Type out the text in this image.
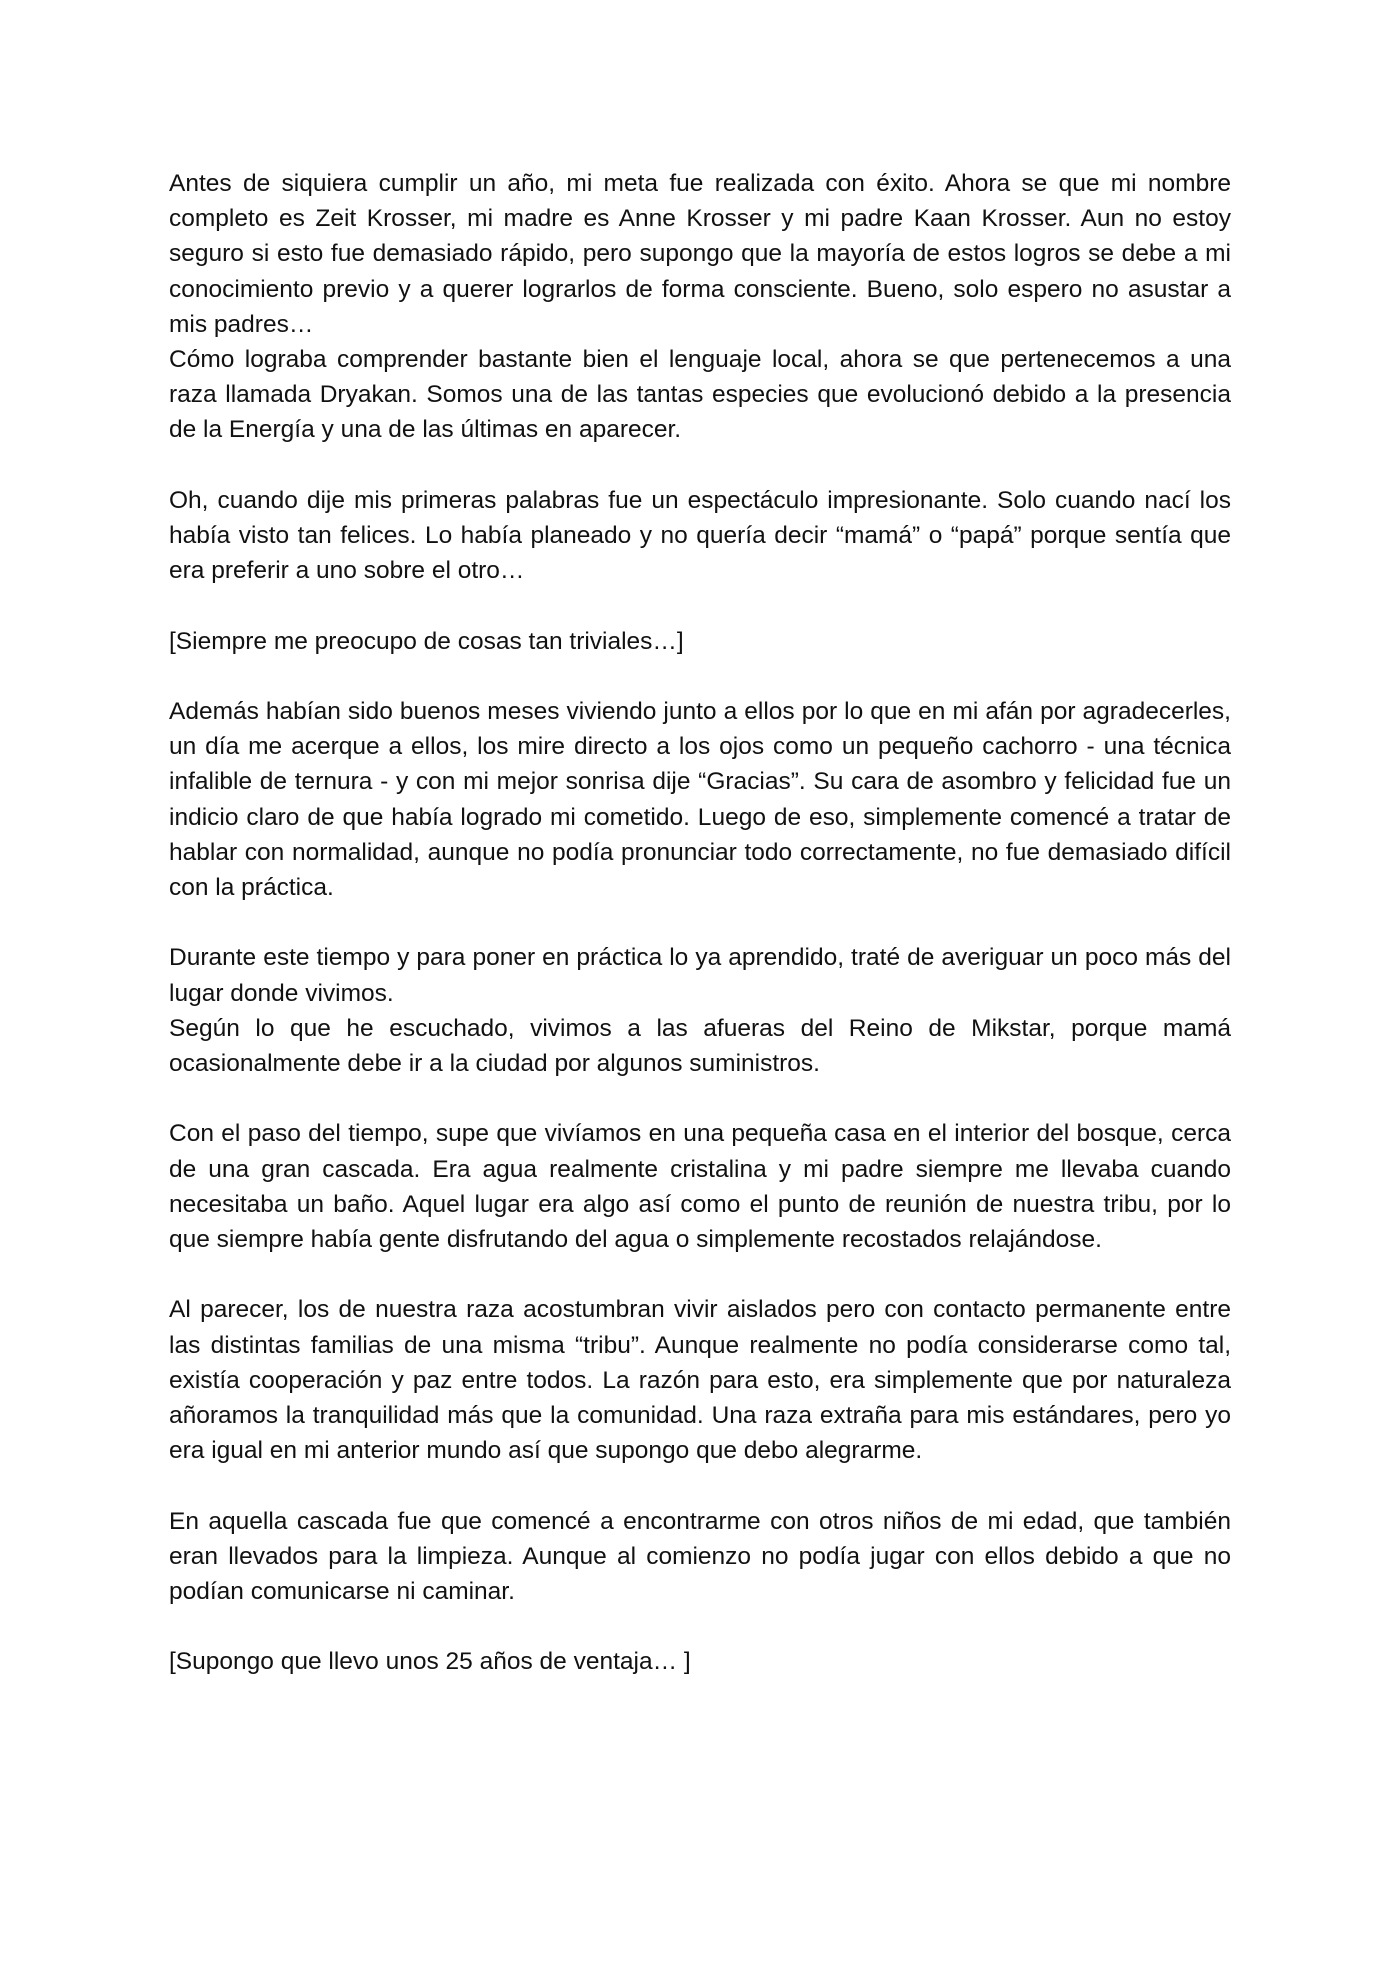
Antes de siquiera cumplir un año, mi meta fue realizada con éxito. Ahora se que mi nombre completo es Zeit Krosser, mi madre es Anne Krosser y mi padre Kaan Krosser. Aun no estoy seguro si esto fue demasiado rápido, pero supongo que la mayoría de estos logros se debe a mi conocimiento previo y a querer lograrlos de forma consciente. Bueno, solo espero no asustar a mis padres…

Cómo lograba comprender bastante bien el lenguaje local, ahora se que pertenecemos a una raza llamada Dryakan. Somos una de las tantas especies que evolucionó debido a la presencia de la Energía y una de las últimas en aparecer.

Oh, cuando dije mis primeras palabras fue un espectáculo impresionante. Solo cuando nací los había visto tan felices. Lo había planeado y no quería decir “mamá” o “papá” porque sentía que era preferir a uno sobre el otro…

[Siempre me preocupo de cosas tan triviales…]

Además habían sido buenos meses viviendo junto a ellos por lo que en mi afán por agradecerles, un día me acerque a ellos, los mire directo a los ojos como un pequeño cachorro - una técnica infalible de ternura - y con mi mejor sonrisa dije “Gracias”. Su cara de asombro y felicidad fue un indicio claro de que había logrado mi cometido. Luego de eso, simplemente comencé a tratar de hablar con normalidad, aunque no podía pronunciar todo correctamente, no fue demasiado difícil con la práctica.

Durante este tiempo y para poner en práctica lo ya aprendido, traté de averiguar un poco más del lugar donde vivimos.

Según lo que he escuchado, vivimos a las afueras del Reino de Mikstar, porque mamá ocasionalmente debe ir a la ciudad por algunos suministros.

Con el paso del tiempo, supe que vivíamos en una pequeña casa en el interior del bosque, cerca de una gran cascada. Era agua realmente cristalina y mi padre siempre me llevaba cuando necesitaba un baño. Aquel lugar era algo así como el punto de reunión de nuestra tribu, por lo que siempre había gente disfrutando del agua o simplemente recostados relajándose.

Al parecer, los de nuestra raza acostumbran vivir aislados pero con contacto permanente entre las distintas familias de una misma “tribu”. Aunque realmente no podía considerarse como tal, existía cooperación y paz entre todos. La razón para esto, era simplemente que por naturaleza añoramos la tranquilidad más que la comunidad. Una raza extraña para mis estándares, pero yo era igual en mi anterior mundo así que supongo que debo alegrarme.

En aquella cascada fue que comencé a encontrarme con otros niños de mi edad, que también eran llevados para la limpieza. Aunque al comienzo no podía jugar con ellos debido a que no podían comunicarse ni caminar.

[Supongo que llevo unos 25 años de ventaja… ]
